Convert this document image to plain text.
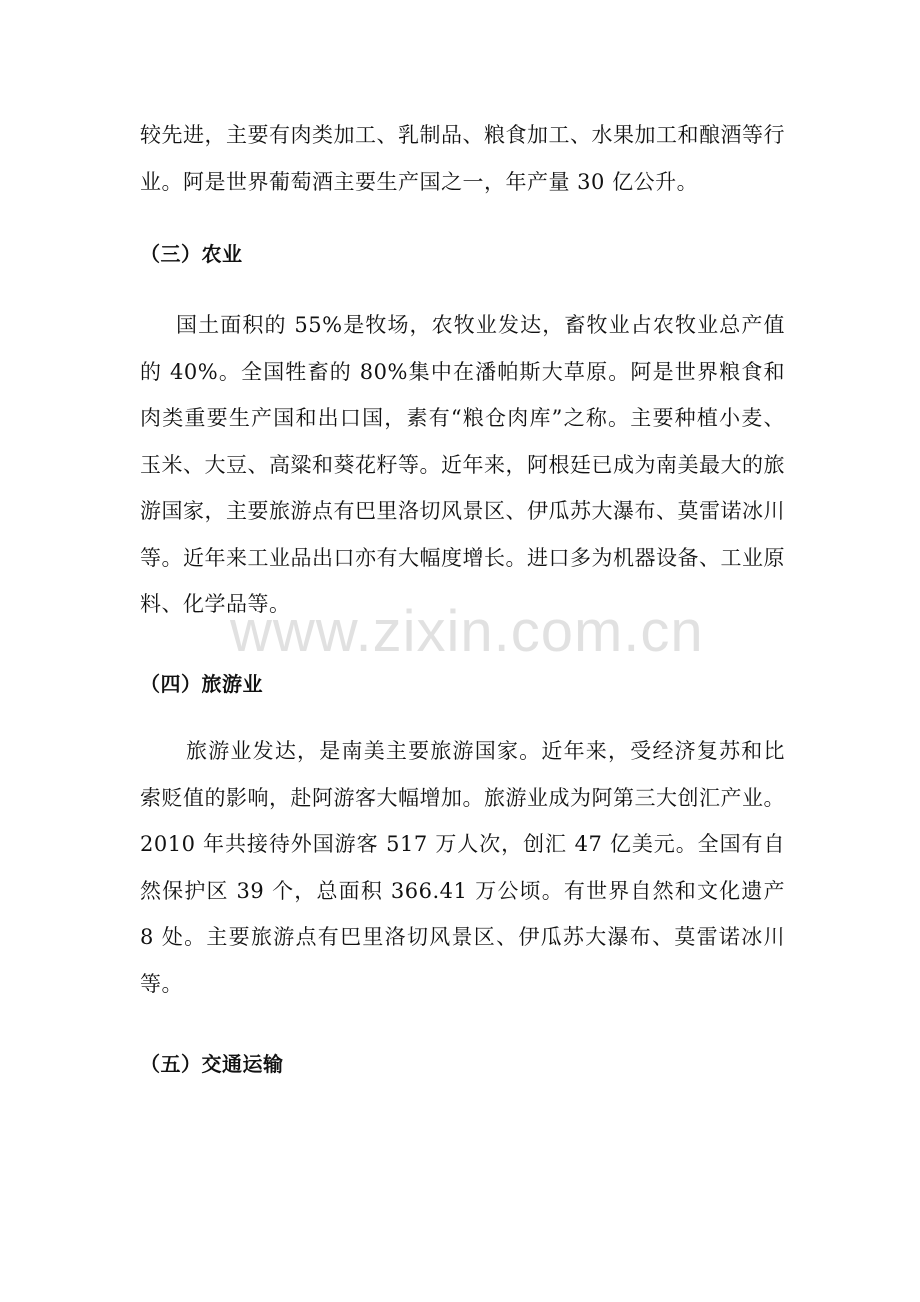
较先进，主要有肉类加工、乳制品、粮食加工、水果加工和酿酒等行业。阿是世界葡萄酒主要生产国之一，年产量 30 亿公升。

（三）农业

国土面积的 55%是牧场，农牧业发达，畜牧业占农牧业总产值的 40%。全国牲畜的 80%集中在潘帕斯大草原。阿是世界粮食和肉类重要生产国和出口国，素有“粮仓肉库”之称。主要种植小麦、玉米、大豆、高粱和葵花籽等。近年来，阿根廷已成为南美最大的旅游国家，主要旅游点有巴里洛切风景区、伊瓜苏大瀑布、莫雷诺冰川等。近年来工业品出口亦有大幅度增长。进口多为机器设备、工业原料、化学品等。

（四）旅游业

旅游业发达，是南美主要旅游国家。近年来，受经济复苏和比索贬值的影响，赴阿游客大幅增加。旅游业成为阿第三大创汇产业。2010 年共接待外国游客 517 万人次，创汇 47 亿美元。全国有自然保护区 39 个，总面积 366.41 万公顷。有世界自然和文化遗产 8 处。主要旅游点有巴里洛切风景区、伊瓜苏大瀑布、莫雷诺冰川等。

（五）交通运输
www.zixin.com.cn
